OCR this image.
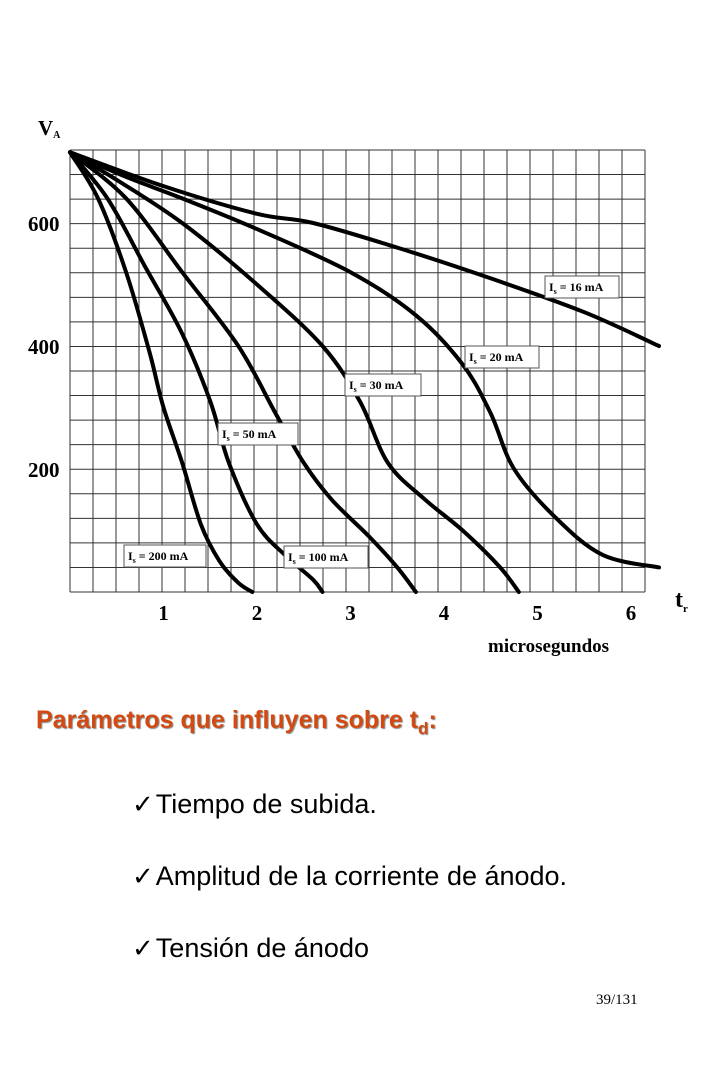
200
400
600
1	2	3	4	5	6
$I_s = 16$ mA
$I_s = 20$ mA
$I_s = 30$ mA
$I_s = 50$ mA
$I_s = 100$ mA
$I_s = 200$ mA
VA
$t_r$
microsegundos
Parámetros que influyen sobre $t_d$:
✓Tiempo de subida.
✓Amplitud de la corriente de ánodo.
✓Tensión de ánodo
39/131
